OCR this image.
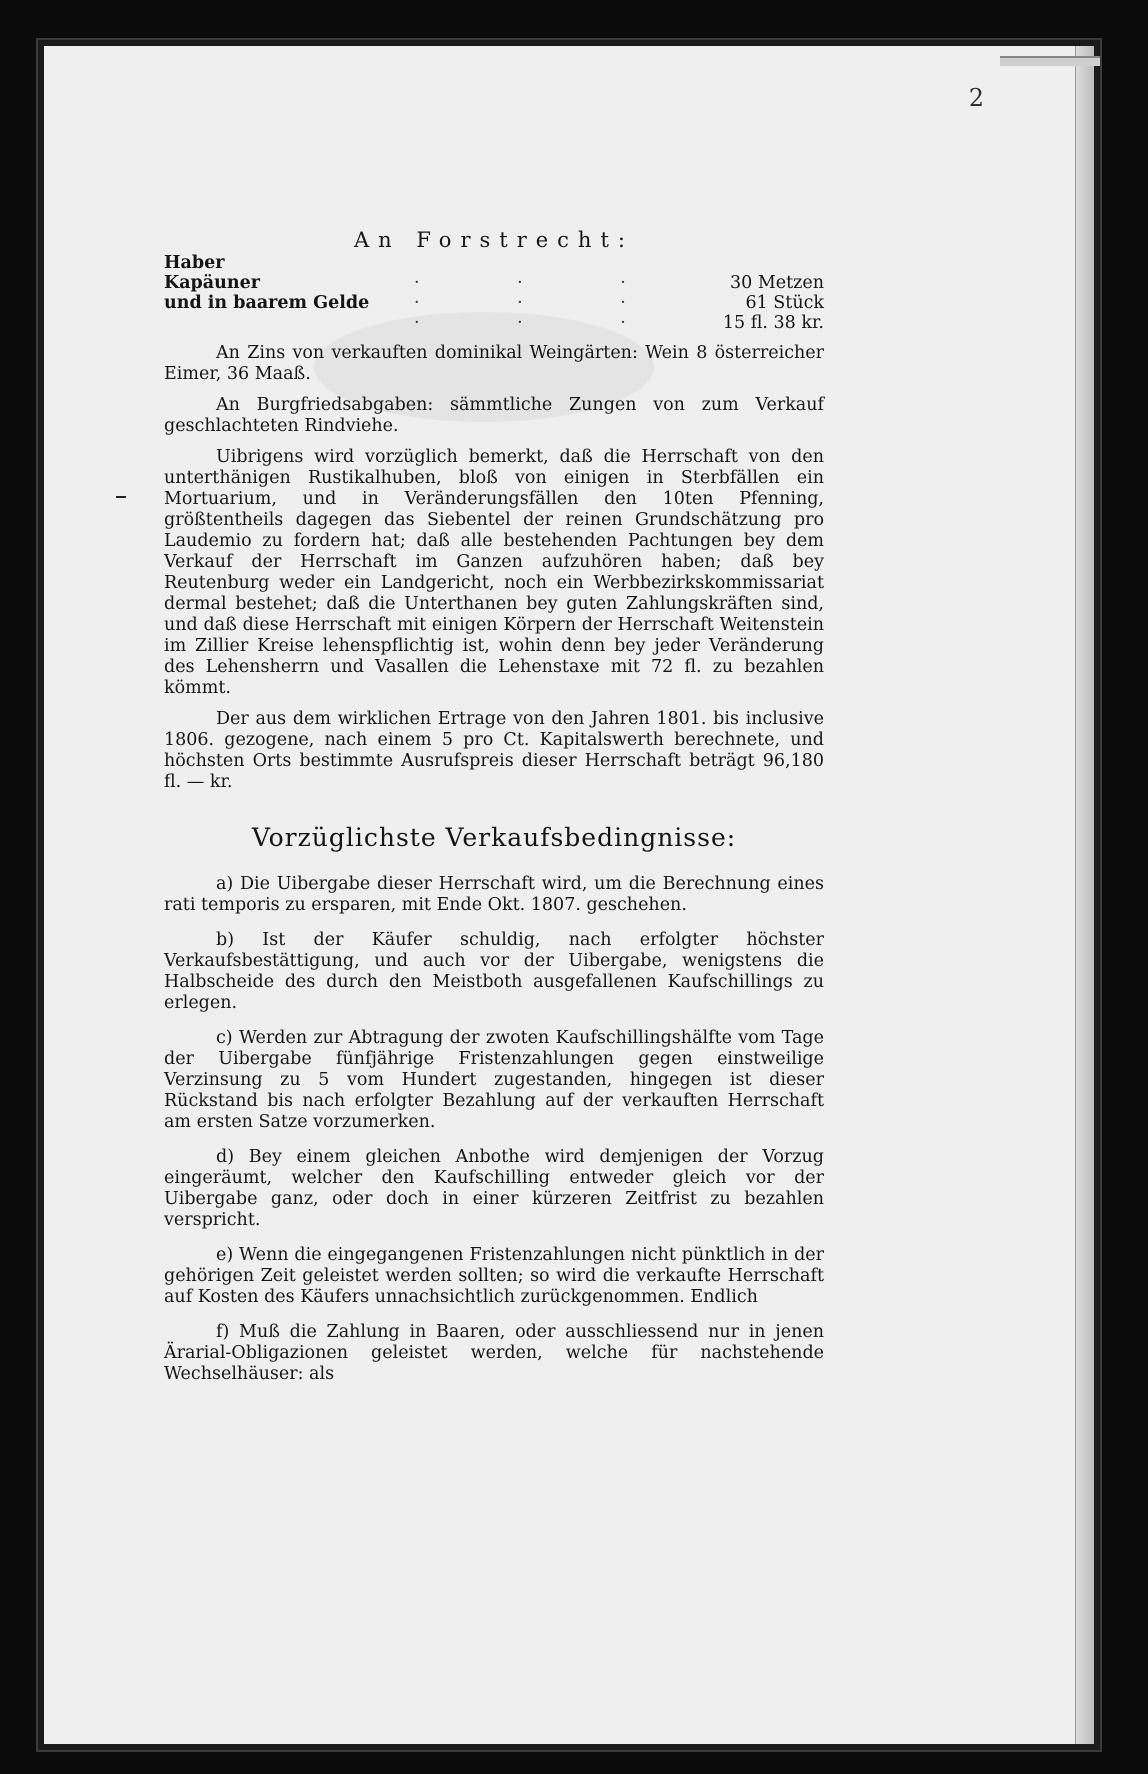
2
An Forstrecht:
Haber		
Kapäuner	· · ·	30 Metzen
und in baarem Gelde	· · ·	61 Stück
	· · ·	15 fl. 38 kr.

An Zins von verkauften dominikal Weingärten: Wein 8 österreicher Eimer, 36 Maaß.

An Burgfriedsabgaben: sämmtliche Zungen von zum Verkauf geschlachteten Rindviehe.

Uibrigens wird vorzüglich bemerkt, daß die Herrschaft von den unterthänigen Rustikalhuben, bloß von einigen in Sterbfällen ein Mortuarium, und in Veränderungsfällen den 10ten Pfenning, größtentheils dagegen das Siebentel der reinen Grundschätzung pro Laudemio zu fordern hat; daß alle bestehenden Pachtungen bey dem Verkauf der Herrschaft im Ganzen aufzuhören haben; daß bey Reutenburg weder ein Landgericht, noch ein Werbbezirkskommissariat dermal bestehet; daß die Unterthanen bey guten Zahlungskräften sind, und daß diese Herrschaft mit einigen Körpern der Herrschaft Weitenstein im Zillier Kreise lehenspflichtig ist, wohin denn bey jeder Veränderung des Lehensherrn und Vasallen die Lehenstaxe mit 72 fl. zu bezahlen kömmt.

Der aus dem wirklichen Ertrage von den Jahren 1801. bis inclusive 1806. gezogene, nach einem 5 pro Ct. Kapitalswerth berechnete, und höchsten Orts bestimmte Ausrufspreis dieser Herrschaft beträgt 96,180 fl. — kr.

Vorzüglichste Verkaufsbedingnisse:

a) Die Uibergabe dieser Herrschaft wird, um die Berechnung eines rati temporis zu ersparen, mit Ende Okt. 1807. geschehen.

b) Ist der Käufer schuldig, nach erfolgter höchster Verkaufsbestättigung, und auch vor der Uibergabe, wenigstens die Halbscheide des durch den Meistboth ausgefallenen Kaufschillings zu erlegen.

c) Werden zur Abtragung der zwoten Kaufschillingshälfte vom Tage der Uibergabe fünfjährige Fristenzahlungen gegen einstweilige Verzinsung zu 5 vom Hundert zugestanden, hingegen ist dieser Rückstand bis nach erfolgter Bezahlung auf der verkauften Herrschaft am ersten Satze vorzumerken.

d) Bey einem gleichen Anbothe wird demjenigen der Vorzug eingeräumt, welcher den Kaufschilling entweder gleich vor der Uibergabe ganz, oder doch in einer kürzeren Zeitfrist zu bezahlen verspricht.

e) Wenn die eingegangenen Fristenzahlungen nicht pünktlich in der gehörigen Zeit geleistet werden sollten; so wird die verkaufte Herrschaft auf Kosten des Käufers unnachsichtlich zurückgenommen. Endlich

f) Muß die Zahlung in Baaren, oder ausschliessend nur in jenen Ärarial-Obligazionen geleistet werden, welche für nachstehende Wechselhäuser: als
